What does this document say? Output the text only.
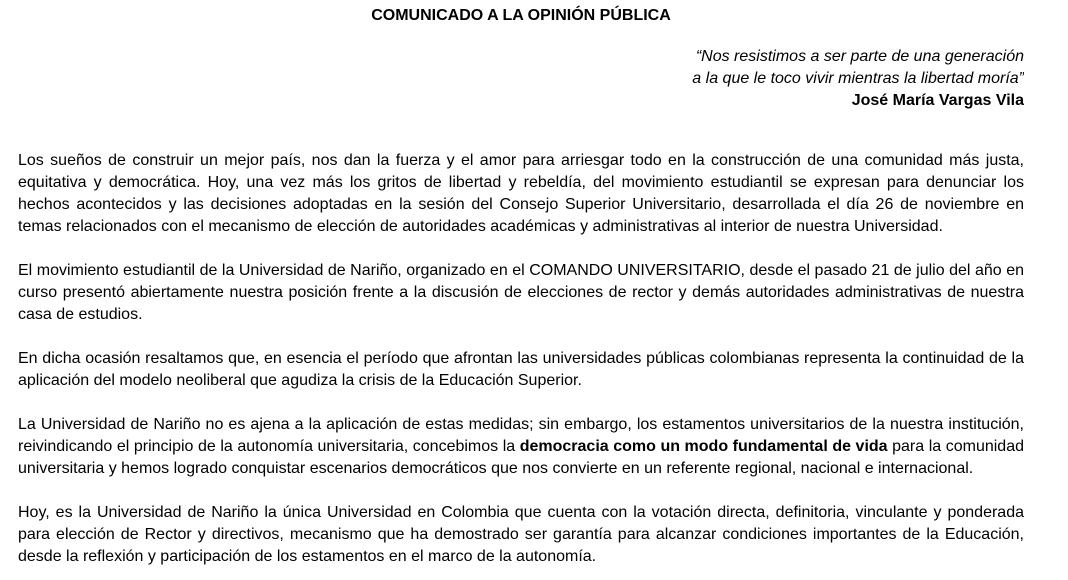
COMUNICADO A LA OPINIÓN PÚBLICA
“Nos resistimos a ser parte de una generación
a la que le toco vivir mientras la libertad moría”
José María Vargas Vila

Los sueños de construir un mejor país, nos dan la fuerza y el amor para arriesgar todo en la construcción de una comunidad más justa, equitativa y democrática. Hoy, una vez más los gritos de libertad y rebeldía, del movimiento estudiantil se expresan para denunciar los hechos acontecidos y las decisiones adoptadas en la sesión del Consejo Superior Universitario, desarrollada el día 26 de noviembre en temas relacionados con el mecanismo de elección de autoridades académicas y administrativas al interior de nuestra Universidad.

El movimiento estudiantil de la Universidad de Nariño, organizado en el COMANDO UNIVERSITARIO, desde el pasado 21 de julio del año en curso presentó abiertamente nuestra posición frente a la discusión de elecciones de rector y demás autoridades administrativas de nuestra casa de estudios.

En dicha ocasión resaltamos que, en esencia el período que afrontan las universidades públicas colombianas representa la continuidad de la aplicación del modelo neoliberal que agudiza la crisis de la Educación Superior.

La Universidad de Nariño no es ajena a la aplicación de estas medidas; sin embargo, los estamentos universitarios de la nuestra institución, reivindicando el principio de la autonomía universitaria, concebimos la democracia como un modo fundamental de vida para la comunidad universitaria y hemos logrado conquistar escenarios democráticos que nos convierte en un referente regional, nacional e internacional.

Hoy, es la Universidad de Nariño la única Universidad en Colombia que cuenta con la votación directa, definitoria, vinculante y ponderada para elección de Rector y directivos, mecanismo que ha demostrado ser garantía para alcanzar condiciones importantes de la Educación, desde la reflexión y participación de los estamentos en el marco de la autonomía.
